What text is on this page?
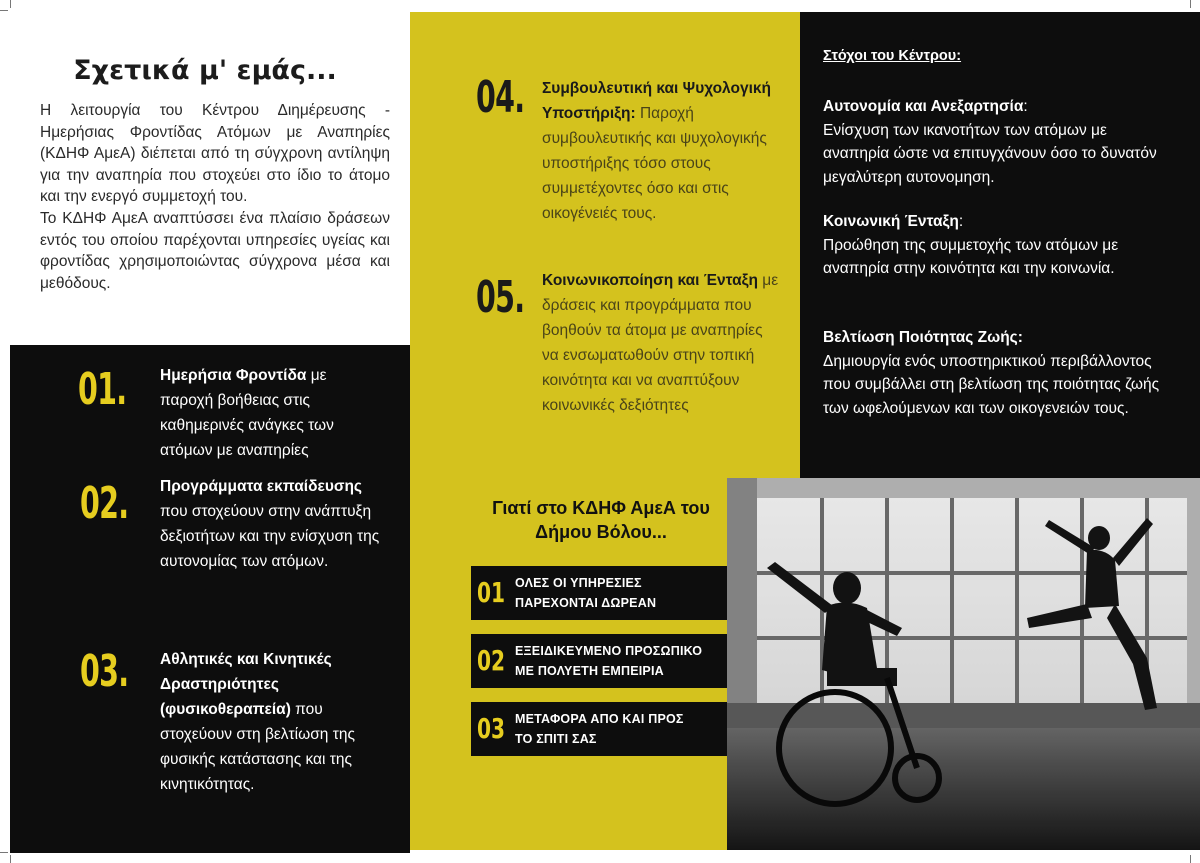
Σχετικά μ' εμάς...

Η λειτουργία του Κέντρου Διημέρευσης - Ημερήσιας Φροντίδας Ατόμων με Αναπηρίες (ΚΔΗΦ ΑμεΑ) διέπεται από τη σύγχρονη αντίληψη για την αναπηρία που στοχεύει στο ίδιο το άτομο και την ενεργό συμμετοχή του.

Το ΚΔΗΦ ΑμεΑ αναπτύσσει ένα πλαίσιο δράσεων εντός του οποίου παρέχονται υπηρεσίες υγείας και φροντίδας χρησιμοποιώντας σύγχρονα μέσα και μεθόδους.

01. Ημερήσια Φροντίδα με παροχή βοήθειας στις καθημερινές ανάγκες των ατόμων με αναπηρίες
02. Προγράμματα εκπαίδευσης που στοχεύουν στην ανάπτυξη δεξιοτήτων και την ενίσχυση της αυτονομίας των ατόμων.
03. Αθλητικές και Κινητικές Δραστηριότητες (φυσικοθεραπεία) που στοχεύουν στη βελτίωση της φυσικής κατάστασης και της κινητικότητας.
04. Συμβουλευτική και Ψυχολογική Υποστήριξη: Παροχή συμβουλευτικής και ψυχολογικής υποστήριξης τόσο στους συμμετέχοντες όσο και στις οικογένειές τους.
05. Κοινωνικοποίηση και Ένταξη με δράσεις και προγράμματα που βοηθούν τα άτομα με αναπηρίες να ενσωματωθούν στην τοπική κοινότητα και να αναπτύξουν κοινωνικές δεξιότητες
Γιατί στο ΚΔΗΦ ΑμεΑ του Δήμου Βόλου...
01 ΟΛΕΣ ΟΙ ΥΠΗΡΕΣΙΕΣ
ΠΑΡΕΧΟΝΤΑΙ ΔΩΡΕΑΝ
02 ΕΞΕΙΔΙΚΕΥΜΕΝΟ ΠΡΟΣΩΠΙΚΟ
ΜΕ ΠΟΛΥΕΤΗ ΕΜΠΕΙΡΙΑ
03 ΜΕΤΑΦΟΡΑ ΑΠΟ ΚΑΙ ΠΡΟΣ
ΤΟ ΣΠΙΤΙ ΣΑΣ
Στόχοι του Κέντρου:
Αυτονομία και Ανεξαρτησία:
Ενίσχυση των ικανοτήτων των ατόμων με αναπηρία ώστε να επιτυγχάνουν όσο το δυνατόν μεγαλύτερη αυτονομηση.
Κοινωνική Ένταξη:
Προώθηση της συμμετοχής των ατόμων με αναπηρία στην κοινότητα και την κοινωνία.
Βελτίωση Ποιότητας Ζωής:
Δημιουργία ενός υποστηρικτικού περιβάλλοντος που συμβάλλει στη βελτίωση της ποιότητας ζωής των ωφελούμενων και των οικογενειών τους.
